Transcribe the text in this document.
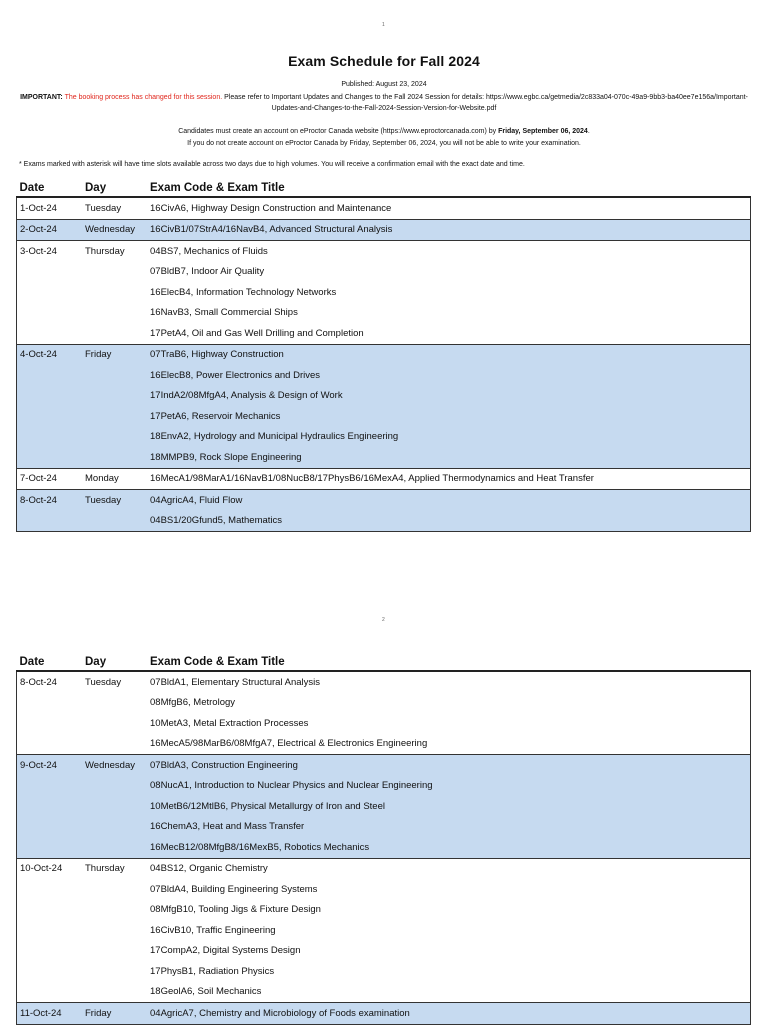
1
Exam Schedule for Fall 2024
Published: August 23, 2024
IMPORTANT: The booking process has changed for this session. Please refer to Important Updates and Changes to the Fall 2024 Session for details: https://www.egbc.ca/getmedia/2c833a04-070c-49a9-9bb3-ba40ee7e156a/Important-Updates-and-Changes-to-the-Fall-2024-Session-Version-for-Website.pdf
Candidates must create an account on eProctor Canada website (https://www.eproctorcanada.com) by Friday, September 06, 2024.
If you do not create account on eProctor Canada by Friday, September 06, 2024, you will not be able to write your examination.
* Exams marked with asterisk will have time slots available across two days due to high volumes. You will receive a confirmation email with the exact date and time.
Date	Day	Exam Code & Exam Title
1-Oct-24	Tuesday	16CivA6, Highway Design Construction and Maintenance
2-Oct-24	Wednesday	16CivB1/07StrA4/16NavB4, Advanced Structural Analysis
3-Oct-24	Thursday	04BS7, Mechanics of Fluids
		07BldB7, Indoor Air Quality
		16ElecB4, Information Technology Networks
		16NavB3, Small Commercial Ships
		17PetA4, Oil and Gas Well Drilling and Completion
4-Oct-24	Friday	07TraB6, Highway Construction
		16ElecB8, Power Electronics and Drives
		17IndA2/08MfgA4, Analysis & Design of Work
		17PetA6, Reservoir Mechanics
		18EnvA2, Hydrology and Municipal Hydraulics Engineering
		18MMPB9, Rock Slope Engineering
7-Oct-24	Monday	16MecA1/98MarA1/16NavB1/08NucB8/17PhysB6/16MexA4, Applied Thermodynamics and Heat Transfer
8-Oct-24	Tuesday	04AgricA4, Fluid Flow
		04BS1/20Gfund5, Mathematics
2
Date	Day	Exam Code & Exam Title
8-Oct-24	Tuesday	07BldA1, Elementary Structural Analysis
		08MfgB6, Metrology
		10MetA3, Metal Extraction Processes
		16MecA5/98MarB6/08MfgA7, Electrical & Electronics Engineering
9-Oct-24	Wednesday	07BldA3, Construction Engineering
		08NucA1, Introduction to Nuclear Physics and Nuclear Engineering
		10MetB6/12MtlB6, Physical Metallurgy of Iron and Steel
		16ChemA3, Heat and Mass Transfer
		16MecB12/08MfgB8/16MexB5, Robotics Mechanics
10-Oct-24	Thursday	04BS12, Organic Chemistry
		07BldA4, Building Engineering Systems
		08MfgB10, Tooling Jigs & Fixture Design
		16CivB10, Traffic Engineering
		17CompA2, Digital Systems Design
		17PhysB1, Radiation Physics
		18GeolA6, Soil Mechanics
11-Oct-24	Friday	04AgricA7, Chemistry and Microbiology of Foods examination
